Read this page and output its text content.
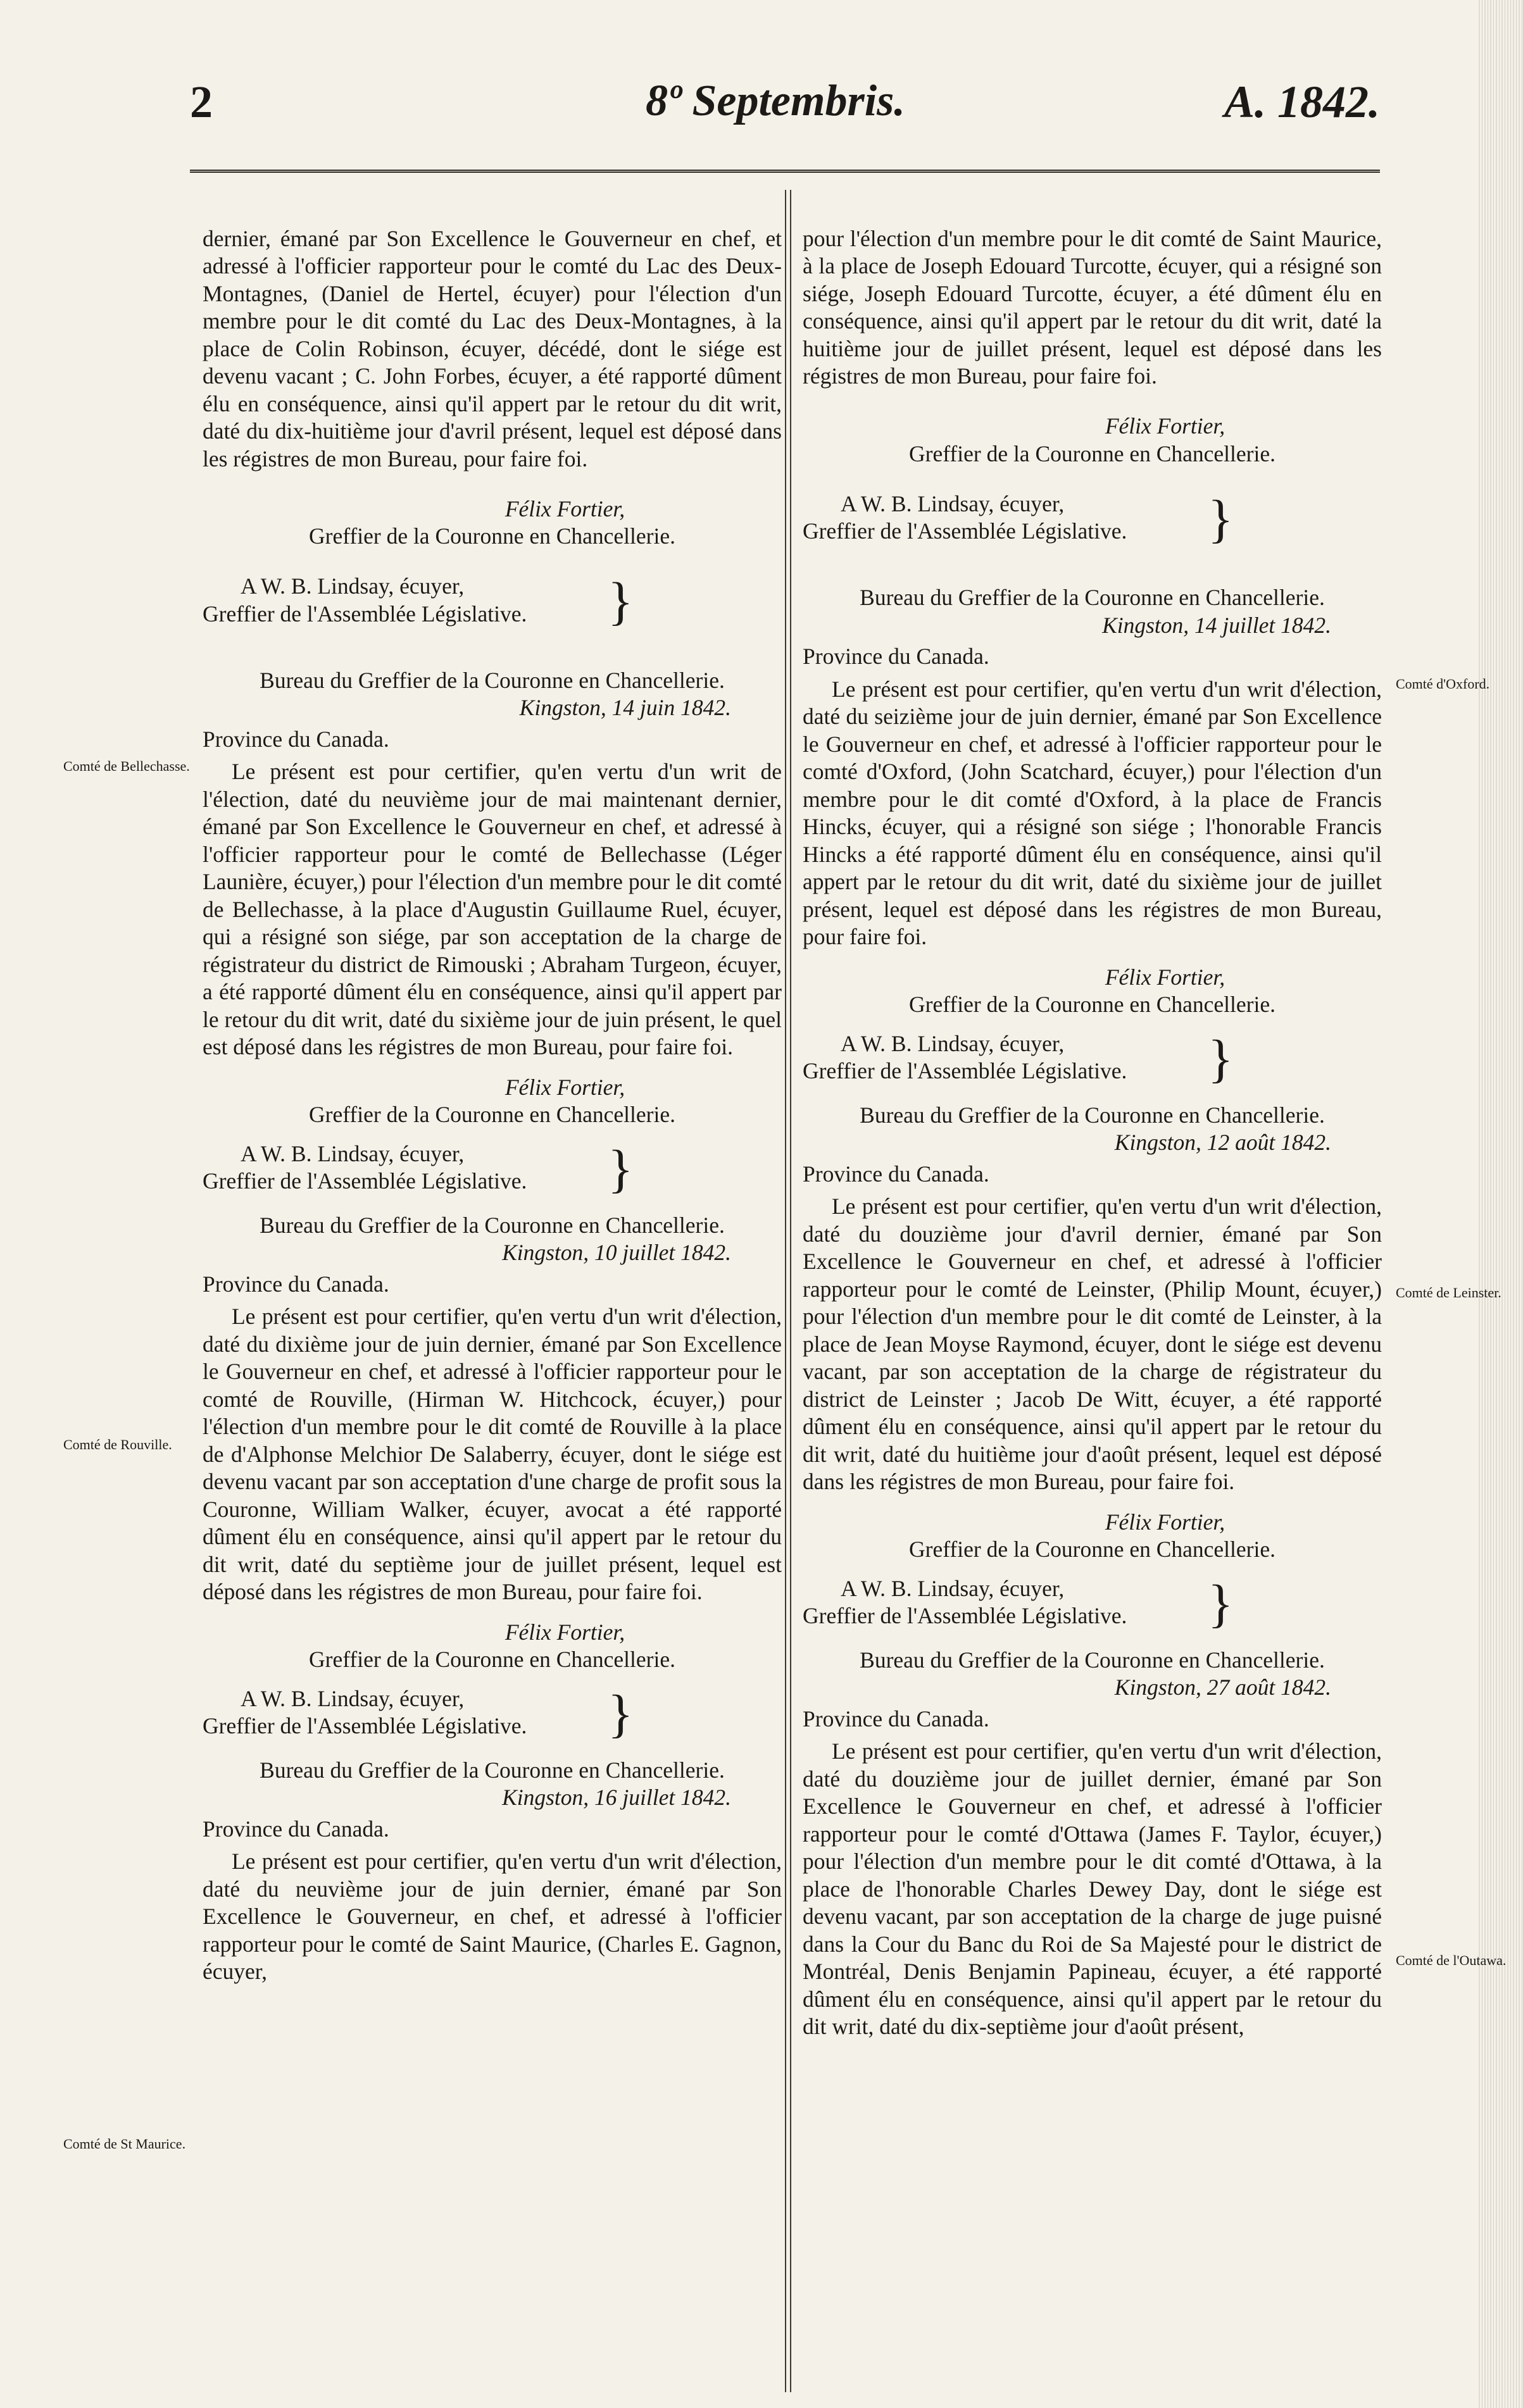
2	8º Septembris.	A. 1842.

dernier, émané par Son Excellence le Gouverneur en chef, et adressé à l'officier rapporteur pour le comté du Lac des Deux-Montagnes, (Daniel de Hertel, écuyer) pour l'élection d'un membre pour le dit comté du Lac des Deux-Montagnes, à la place de Colin Robinson, écuyer, décédé, dont le siége est devenu vacant ; C. John Forbes, écuyer, a été rapporté dûment élu en conséquence, ainsi qu'il appert par le retour du dit writ, daté du dix-huitième jour d'avril présent, lequel est déposé dans les régistres de mon Bureau, pour faire foi.

Félix Fortier,
Greffier de la Couronne en Chancellerie.

A W. B. Lindsay, écuyer,
Greffier de l'Assemblée Législative. }

Bureau du Greffier de la Couronne en Chancellerie.
Kingston, 14 juin 1842.

Province du Canada.

Le présent est pour certifier, qu'en vertu d'un writ de l'élection, daté du neuvième jour de mai maintenant dernier, émané par Son Excellence le Gouverneur en chef, et adressé à l'officier rapporteur pour le comté de Bellechasse (Léger Launière, écuyer,) pour l'élection d'un membre pour le dit comté de Bellechasse, à la place d'Augustin Guillaume Ruel, écuyer, qui a résigné son siége, par son acceptation de la charge de régistrateur du district de Rimouski ; Abraham Turgeon, écuyer, a été rapporté dûment élu en conséquence, ainsi qu'il appert par le retour du dit writ, daté du sixième jour de juin présent, le quel est déposé dans les régistres de mon Bureau, pour faire foi.

Félix Fortier,
Greffier de la Couronne en Chancellerie.

A W. B. Lindsay, écuyer,
Greffier de l'Assemblée Législative. }

Bureau du Greffier de la Couronne en Chancellerie.
Kingston, 10 juillet 1842.

Province du Canada.

Le présent est pour certifier, qu'en vertu d'un writ d'élection, daté du dixième jour de juin dernier, émané par Son Excellence le Gouverneur en chef, et adressé à l'officier rapporteur pour le comté de Rouville, (Hirman W. Hitchcock, écuyer,) pour l'élection d'un membre pour le dit comté de Rouville à la place de d'Alphonse Melchior De Salaberry, écuyer, dont le siége est devenu vacant par son acceptation d'une charge de profit sous la Couronne, William Walker, écuyer, avocat a été rapporté dûment élu en conséquence, ainsi qu'il appert par le retour du dit writ, daté du septième jour de juillet présent, lequel est déposé dans les régistres de mon Bureau, pour faire foi.

Félix Fortier,
Greffier de la Couronne en Chancellerie.

A W. B. Lindsay, écuyer,
Greffier de l'Assemblée Législative. }

Bureau du Greffier de la Couronne en Chancellerie.
Kingston, 16 juillet 1842.

Province du Canada.

Le présent est pour certifier, qu'en vertu d'un writ d'élection, daté du neuvième jour de juin dernier, émané par Son Excellence le Gouverneur, en chef, et adressé à l'officier rapporteur pour le comté de Saint Maurice, (Charles E. Gagnon, écuyer,

pour l'élection d'un membre pour le dit comté de Saint Maurice, à la place de Joseph Edouard Turcotte, écuyer, qui a résigné son siége, Joseph Edouard Turcotte, écuyer, a été dûment élu en conséquence, ainsi qu'il appert par le retour du dit writ, daté la huitième jour de juillet présent, lequel est déposé dans les régistres de mon Bureau, pour faire foi.

Félix Fortier,
Greffier de la Couronne en Chancellerie.

A W. B. Lindsay, écuyer,
Greffier de l'Assemblée Législative. }

Bureau du Greffier de la Couronne en Chancellerie.
Kingston, 14 juillet 1842.

Province du Canada.

Le présent est pour certifier, qu'en vertu d'un writ d'élection, daté du seizième jour de juin dernier, émané par Son Excellence le Gouverneur en chef, et adressé à l'officier rapporteur pour le comté d'Oxford, (John Scatchard, écuyer,) pour l'élection d'un membre pour le dit comté d'Oxford, à la place de Francis Hincks, écuyer, qui a résigné son siége ; l'honorable Francis Hincks a été rapporté dûment élu en conséquence, ainsi qu'il appert par le retour du dit writ, daté du sixième jour de juillet présent, lequel est déposé dans les régistres de mon Bureau, pour faire foi.

Félix Fortier,
Greffier de la Couronne en Chancellerie.

A W. B. Lindsay, écuyer,
Greffier de l'Assemblée Législative. }

Bureau du Greffier de la Couronne en Chancellerie.
Kingston, 12 août 1842.

Province du Canada.

Le présent est pour certifier, qu'en vertu d'un writ d'élection, daté du douzième jour d'avril dernier, émané par Son Excellence le Gouverneur en chef, et adressé à l'officier rapporteur pour le comté de Leinster, (Philip Mount, écuyer,) pour l'élection d'un membre pour le dit comté de Leinster, à la place de Jean Moyse Raymond, écuyer, dont le siége est devenu vacant, par son acceptation de la charge de régistrateur du district de Leinster ; Jacob De Witt, écuyer, a été rapporté dûment élu en conséquence, ainsi qu'il appert par le retour du dit writ, daté du huitième jour d'août présent, lequel est déposé dans les régistres de mon Bureau, pour faire foi.

Félix Fortier,
Greffier de la Couronne en Chancellerie.

A W. B. Lindsay, écuyer,
Greffier de l'Assemblée Législative. }

Bureau du Greffier de la Couronne en Chancellerie.
Kingston, 27 août 1842.

Province du Canada.

Le présent est pour certifier, qu'en vertu d'un writ d'élection, daté du douzième jour de juillet dernier, émané par Son Excellence le Gouverneur en chef, et adressé à l'officier rapporteur pour le comté d'Ottawa (James F. Taylor, écuyer,) pour l'élection d'un membre pour le dit comté d'Ottawa, à la place de l'honorable Charles Dewey Day, dont le siége est devenu vacant, par son acceptation de la charge de juge puisné dans la Cour du Banc du Roi de Sa Majesté pour le district de Montréal, Denis Benjamin Papineau, écuyer, a été rapporté dûment élu en conséquence, ainsi qu'il appert par le retour du dit writ, daté du dix-septième jour d'août présent,

Comté de Bellechasse.
Comté de Rouville.
Comté de St Maurice.
Comté d'Oxford.
Comté de Leinster.
Comté de l'Outawa.
